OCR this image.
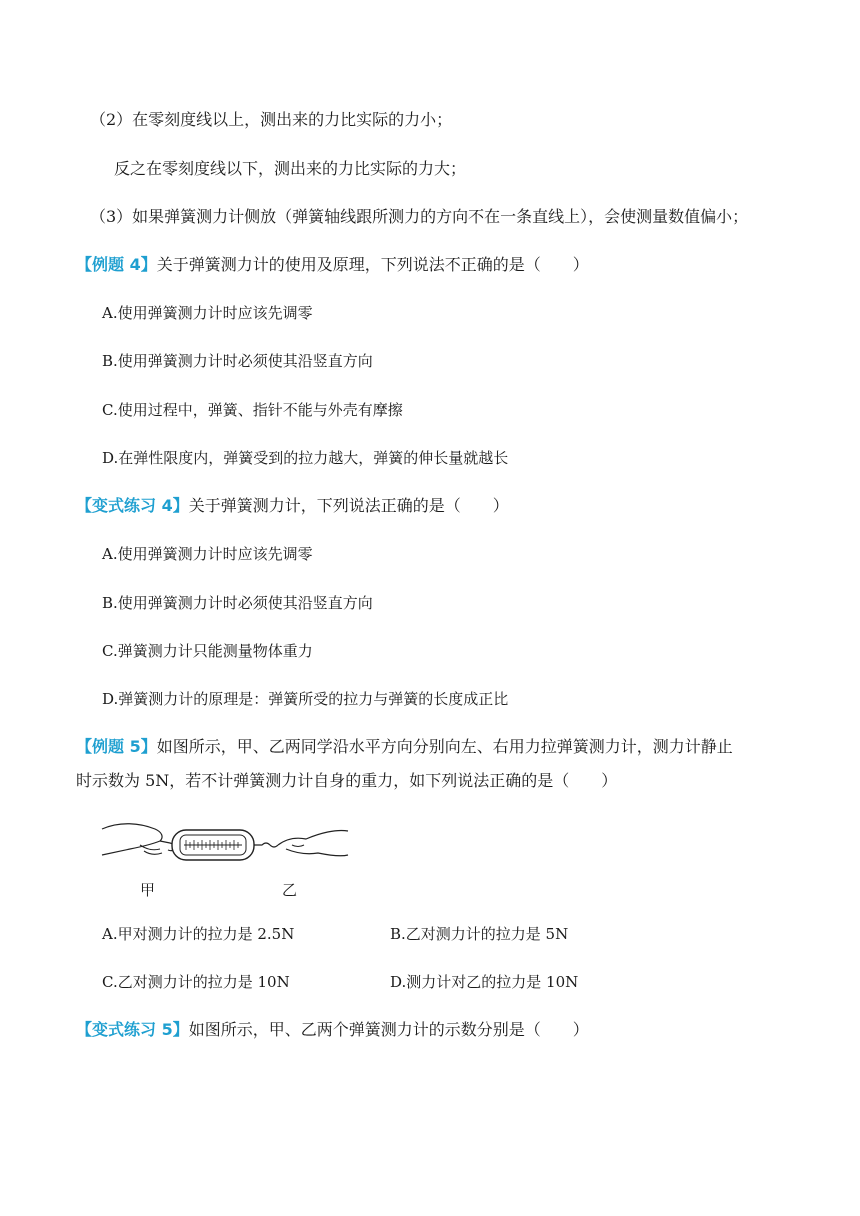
（2）在零刻度线以上，测出来的力比实际的力小；
反之在零刻度线以下，测出来的力比实际的力大；
（3）如果弹簧测力计侧放（弹簧轴线跟所测力的方向不在一条直线上），会使测量数值偏小；
【例题 4】关于弹簧测力计的使用及原理，下列说法不正确的是（　　）
A.使用弹簧测力计时应该先调零
B.使用弹簧测力计时必须使其沿竖直方向
C.使用过程中，弹簧、指针不能与外壳有摩擦
D.在弹性限度内，弹簧受到的拉力越大，弹簧的伸长量就越长
【变式练习 4】关于弹簧测力计，下列说法正确的是（　　）
A.使用弹簧测力计时应该先调零
B.使用弹簧测力计时必须使其沿竖直方向
C.弹簧测力计只能测量物体重力
D.弹簧测力计的原理是：弹簧所受的拉力与弹簧的长度成正比
【例题 5】如图所示，甲、乙两同学沿水平方向分别向左、右用力拉弹簧测力计，测力计静止
时示数为 5N，若不计弹簧测力计自身的重力，如下列说法正确的是（　　）
甲	乙
A.甲对测力计的拉力是 2.5N	B.乙对测力计的拉力是 5N
C.乙对测力计的拉力是 10N	D.测力计对乙的拉力是 10N
【变式练习 5】如图所示，甲、乙两个弹簧测力计的示数分别是（　　）
